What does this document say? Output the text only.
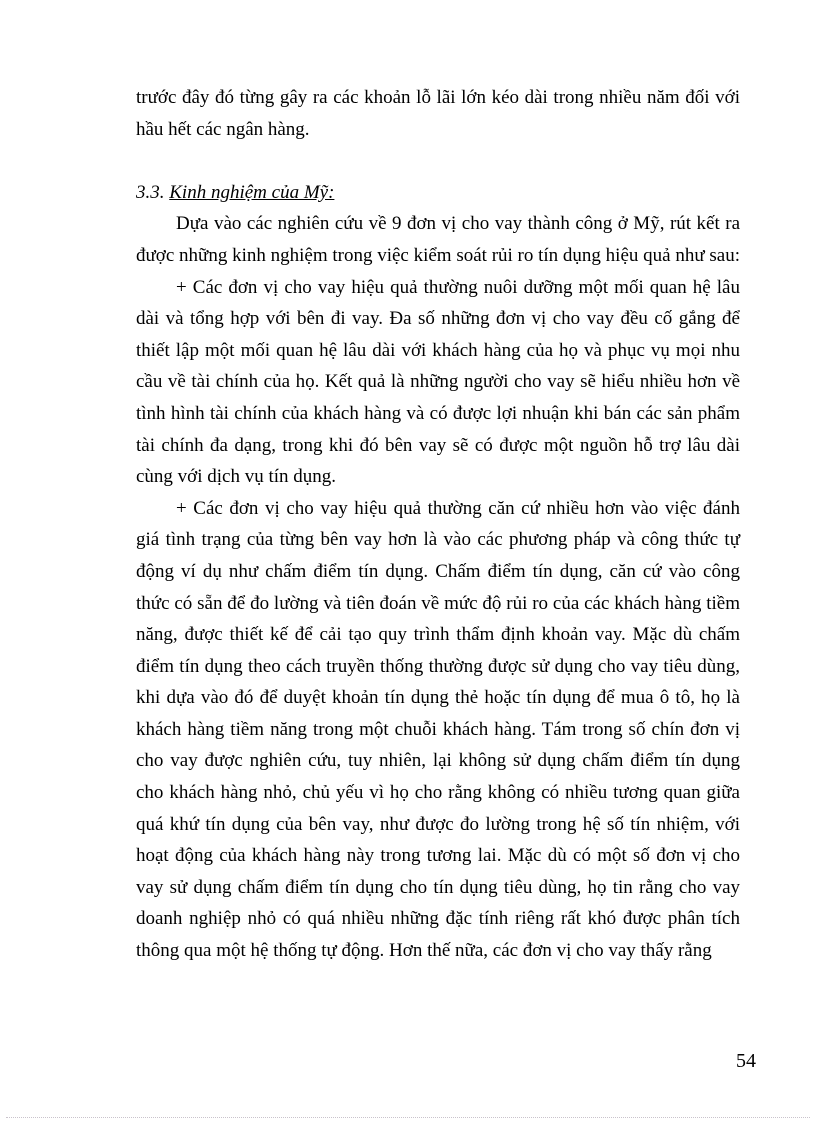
trước đây đó từng gây ra các khoản lỗ lãi lớn kéo dài trong nhiều năm đối với hầu hết các ngân hàng.

3.3. Kinh nghiệm của Mỹ:

Dựa vào các nghiên cứu về 9 đơn vị cho vay thành công ở Mỹ, rút kết ra được những kinh nghiệm trong việc kiểm soát rủi ro tín dụng hiệu quả như sau:

+ Các đơn vị cho vay hiệu quả thường nuôi dưỡng một mối quan hệ lâu dài và tổng hợp với bên đi vay. Đa số những đơn vị cho vay đều cố gắng để thiết lập một mối quan hệ lâu dài với khách hàng của họ và phục vụ mọi nhu cầu về tài chính của họ. Kết quả là những người cho vay sẽ hiểu nhiều hơn về tình hình tài chính của khách hàng và có được lợi nhuận khi bán các sản phẩm tài chính đa dạng, trong khi đó bên vay sẽ có được một nguồn hỗ trợ lâu dài cùng với dịch vụ tín dụng.

+ Các đơn vị cho vay hiệu quả thường căn cứ nhiều hơn vào việc đánh giá tình trạng của từng bên vay hơn là vào các phương pháp và công thức tự động ví dụ như chấm điểm tín dụng. Chấm điểm tín dụng, căn cứ vào công thức có sẵn để đo lường và tiên đoán về mức độ rủi ro của các khách hàng tiềm năng, được thiết kế để cải tạo quy trình thẩm định khoản vay. Mặc dù chấm điểm tín dụng theo cách truyền thống thường được sử dụng cho vay tiêu dùng, khi dựa vào đó để duyệt khoản tín dụng thẻ hoặc tín dụng để mua ô tô, họ là khách hàng tiềm năng trong một chuỗi khách hàng. Tám trong số chín đơn vị cho vay được nghiên cứu, tuy nhiên, lại không sử dụng chấm điểm tín dụng cho khách hàng nhỏ, chủ yếu vì họ cho rằng không có nhiều tương quan giữa quá khứ tín dụng của bên vay, như được đo lường trong hệ số tín nhiệm, với hoạt động của khách hàng này trong tương lai. Mặc dù có một số đơn vị cho vay sử dụng chấm điểm tín dụng cho tín dụng tiêu dùng, họ tin rằng cho vay doanh nghiệp nhỏ có quá nhiều những đặc tính riêng rất khó được phân tích thông qua một hệ thống tự động. Hơn thế nữa, các đơn vị cho vay thấy rằng

54
